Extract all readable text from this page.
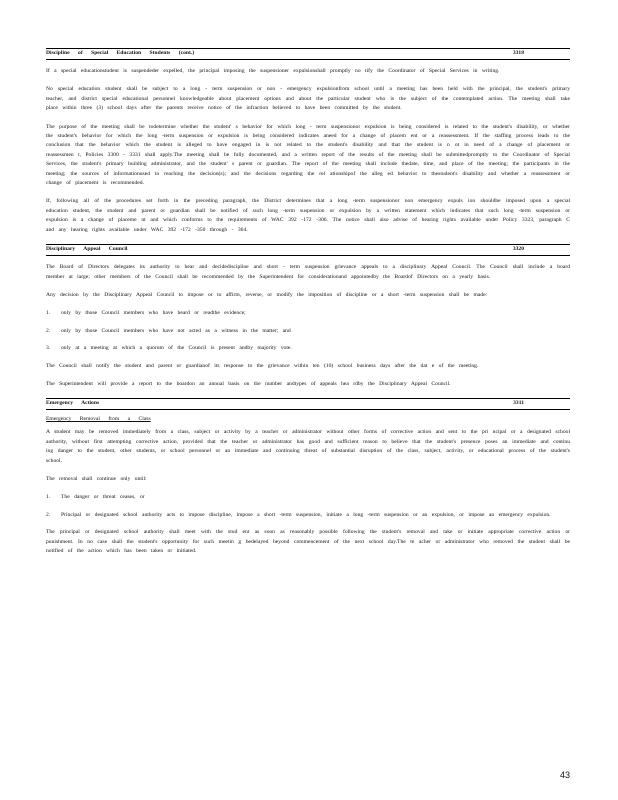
Discipline of Special Education Students (cont.)	3318

If a special educationstudent is suspendeder expelled, the principal imposing the suspensioner expulsionshall promptly no tify the Coordinator of Special Services in writing.

No special education student shall be subject to a long - term suspension or non - emergency expulsionfrom school until a meeting has been held with the principal, the student's primary teacher, and district special educational personnel knowledgeable about placement options and about the particular student who is the subject of the contemplated action. The meeting shall take place within three (3) school days after the parents receive notice of the infraction believed to have been committed by the student.

The purpose of the meeting shall be todetermine whether the student' s behavior for which long - term suspensionor expulsion is being considered is related to the student's disability, or whether the student's behavior for which the long -term suspension or expulsion is being considered indicates aneed for a change of placem ent or a reassessment. If the staffing process leads to the conclusion that the behavior which the student is alleged to have engaged in is not related to the student's disability and that the student is n ot in need of a change of placement or reassessmen t, Policies 3300 - 3331 shall apply.The meeting shall be fully documented, and a written report of the results of the meeting shall be submittedpromptly to the Coordinator of Special Services, the student's primary building administrator, and the student' s parent or guardian. The report of the meeting shall include thedate, time, and place of the meeting; the participants in the meeting; the sources of informationused in reaching the decision(s); and the decisions regarding the rel ationshipof the alleg ed behavior to thestudent's disability and whether a reassessment or change of placement is recommended.

If, following all of the procedures set forth in the preceding paragraph, the District determines that a long -term suspensionor non emergency expuls ion shouldbe imposed upon a special education student, the student and parent or guardian shall be notified of such long -term suspension or expulsion by a written statement which indicates that such long -term suspension or expulsion is a change of placeme nt and which conforms to the requirements of WAC 392 -172 -306. The notice shall also advise of hearing rights available under Policy 3323, paragraph C and any hearing rights available under WAC 392 -172 -350 through - 364.

Disciplinary Appeal Council	3320

The Board of Directors delegates its authority to hear and decidediscipline and short - term suspension grievance appeals to a disciplinary Appeal Council. The Council shall include a board member at large; other members of the Council shall be recommended by the Superintendent for considerationand appointedby the Boardof Directors on a yearly basis.

Any decision by the Disciplinary Appeal Council to impose or to affirm, reverse, or modify the imposition of discipline or a short -term suspension shall be made:

1. only by those Council members who have heard or readthe evidence;
2. only by those Council members who have not acted as a witness in the matter; and
3. only at a meeting at which a quorum of the Council is present andby majority vote.

The Council shall notify the student and parent or guardianof its response to the grievance within ten (10) school business days after the dat e of the meeting.

The Superintendent will provide a report to the boardon an annual basis on the number andtypes of appeals hea rdby the Disciplinary Appeal Council.

Emergency Actions	3311
Emergency Removal from a Class

A student may be removed immediately from a class, subject or activity by a teacher or administrator without other forms of corrective action and sent to the pri ncipal or a designated school authority, without first attempting corrective action, provided that the teacher or administrator has good and sufficient reason to believe that the student's presence poses an immediate and continu ing danger to the student, other students, or school personnel or an immediate and continuing threat of substantial disruption of the class, subject, activity, or educational process of the student's school.

The removal shall continue only until:

1. The danger or threat ceases, or
2. Principal or designated school authority acts to impose discipline, impose a short -term suspension, initiate a long -term suspension or an expulsion, or impose an emergency expulsion.

The principal or designated school authority shall meet with the stud ent as soon as reasonably possible following the student's removal and take or initiate appropriate corrective action or punishment. In no case shall the student's opportunity for such meetin g bedelayed beyond commencement of the next school day.The te acher or administrator who removed the student shall be notified of the action which has been taken or initiated.

43
